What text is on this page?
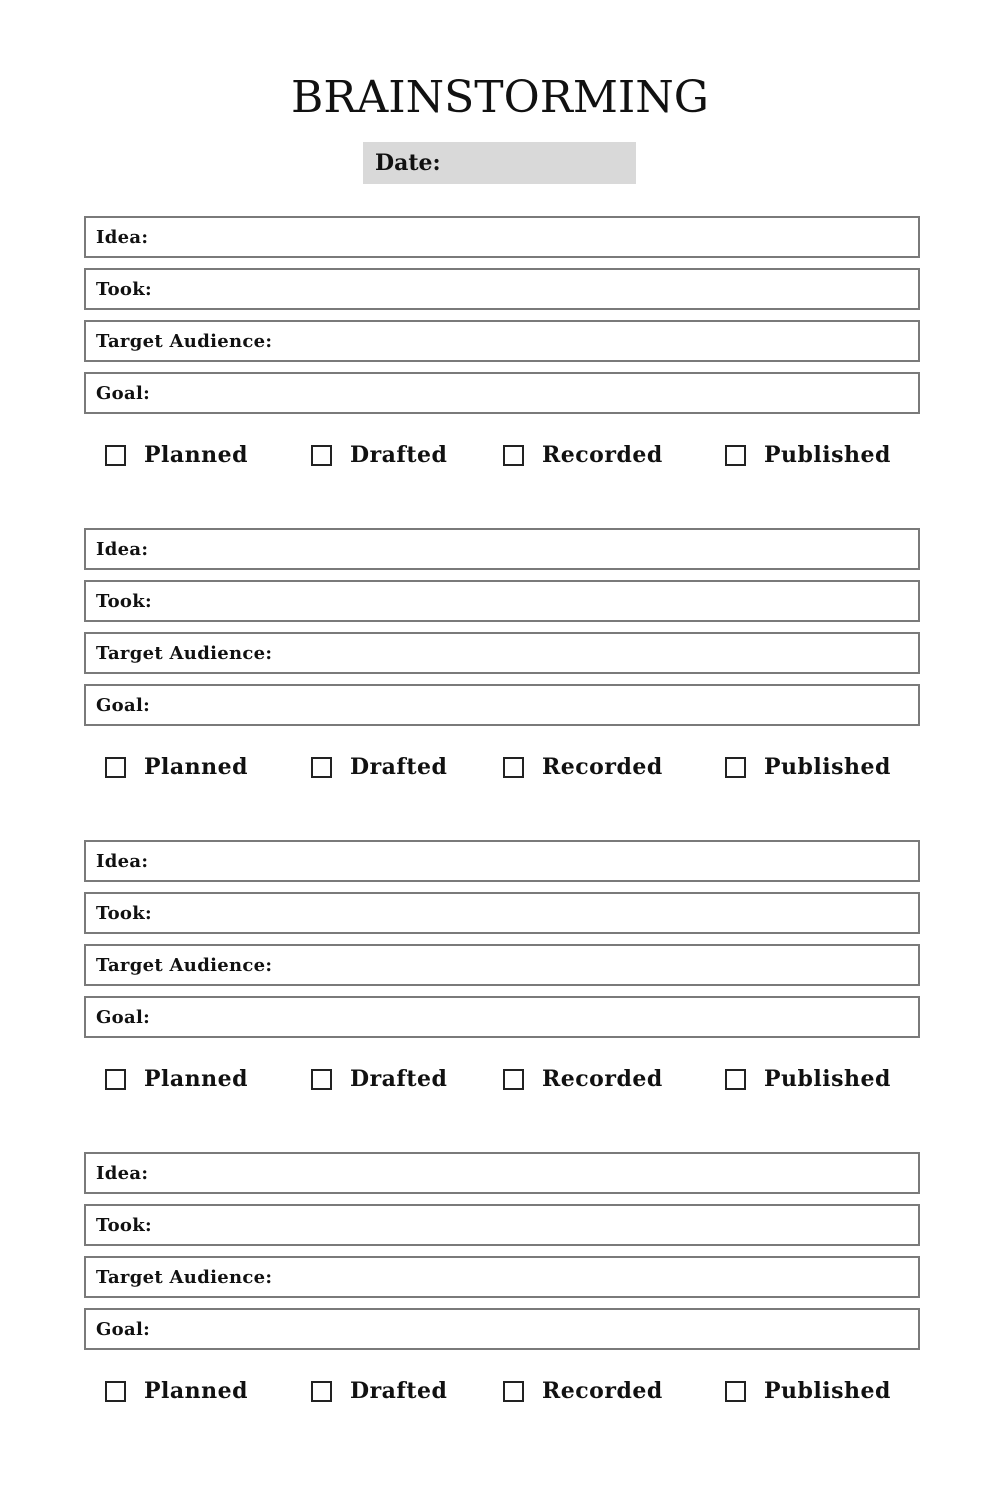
BRAINSTORMING
Date:
Idea:
Took:
Target Audience:
Goal:
Planned	Drafted	Recorded	Published
Idea:
Took:
Target Audience:
Goal:
Planned	Drafted	Recorded	Published
Idea:
Took:
Target Audience:
Goal:
Planned	Drafted	Recorded	Published
Idea:
Took:
Target Audience:
Goal:
Planned	Drafted	Recorded	Published
